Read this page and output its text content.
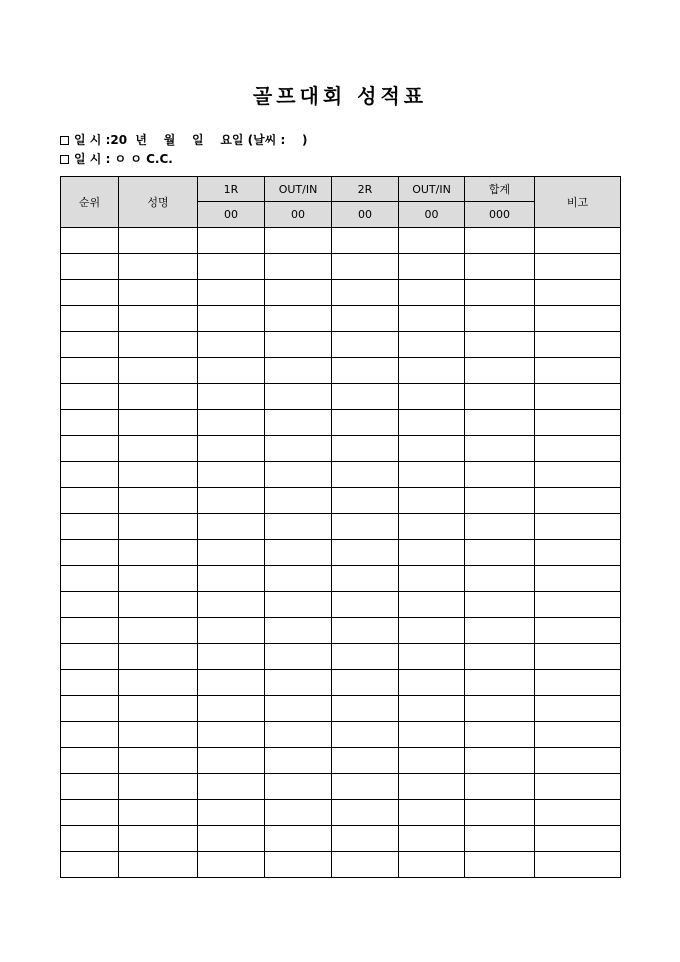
골프대회 성적표
일 시 :20  년    월    일    요일 (날씨 :    )
일 시 : ㅇ ㅇ C.C.
순위	성명	1R	OUT/IN	2R	OUT/IN	합계	비고
		00	00	00	00	000	
